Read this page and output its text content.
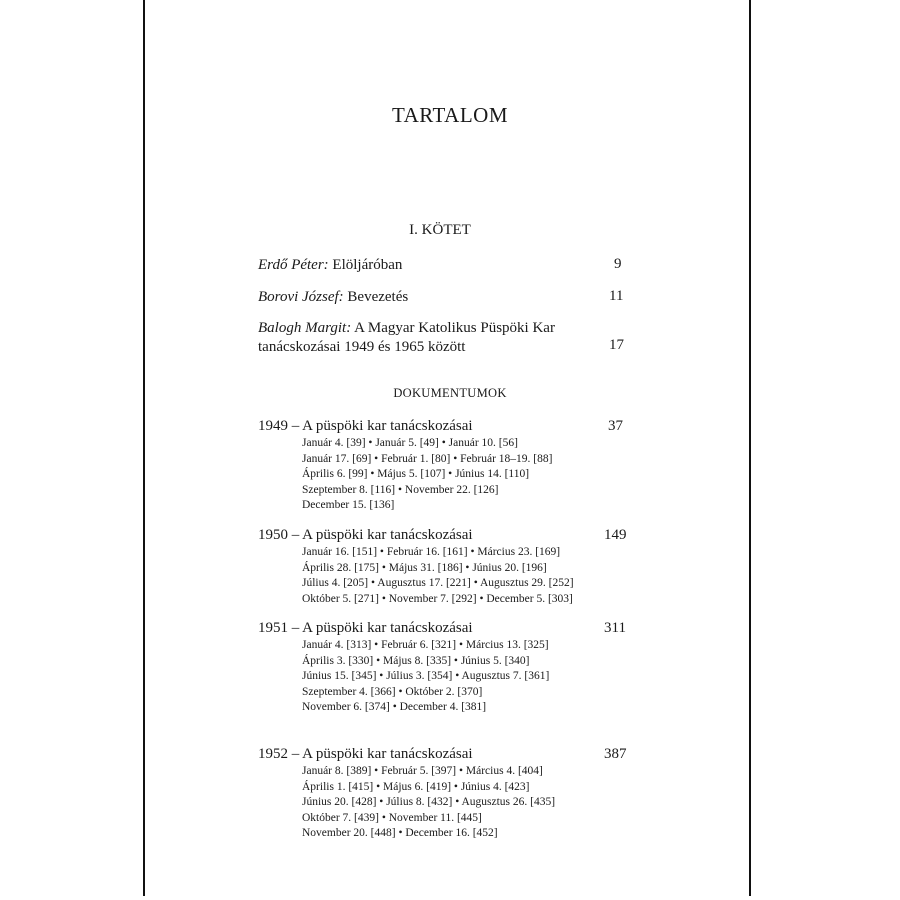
TARTALOM
I. KÖTET
Erdő Péter: Elöljáróban	9
Borovi József: Bevezetés	11
Balogh Margit: A Magyar Katolikus Püspöki Kar
tanácskozásai 1949 és 1965 között	17
DOKUMENTUMOK
1949 – A püspöki kar tanácskozásai	37
Január 4. [39] • Január 5. [49] • Január 10. [56]
Január 17. [69] • Február 1. [80] • Február 18–19. [88]
Április 6. [99] • Május 5. [107] • Június 14. [110]
Szeptember 8. [116] • November 22. [126]
December 15. [136]
1950 – A püspöki kar tanácskozásai	149
Január 16. [151] • Február 16. [161] • Március 23. [169]
Április 28. [175] • Május 31. [186] • Június 20. [196]
Július 4. [205] • Augusztus 17. [221] • Augusztus 29. [252]
Október 5. [271] • November 7. [292] • December 5. [303]
1951 – A püspöki kar tanácskozásai	311
Január 4. [313] • Február 6. [321] • Március 13. [325]
Április 3. [330] • Május 8. [335] • Június 5. [340]
Június 15. [345] • Július 3. [354] • Augusztus 7. [361]
Szeptember 4. [366] • Október 2. [370]
November 6. [374] • December 4. [381]
1952 – A püspöki kar tanácskozásai	387
Január 8. [389] • Február 5. [397] • Március 4. [404]
Április 1. [415] • Május 6. [419] • Június 4. [423]
Június 20. [428] • Július 8. [432] • Augusztus 26. [435]
Október 7. [439] • November 11. [445]
November 20. [448] • December 16. [452]
